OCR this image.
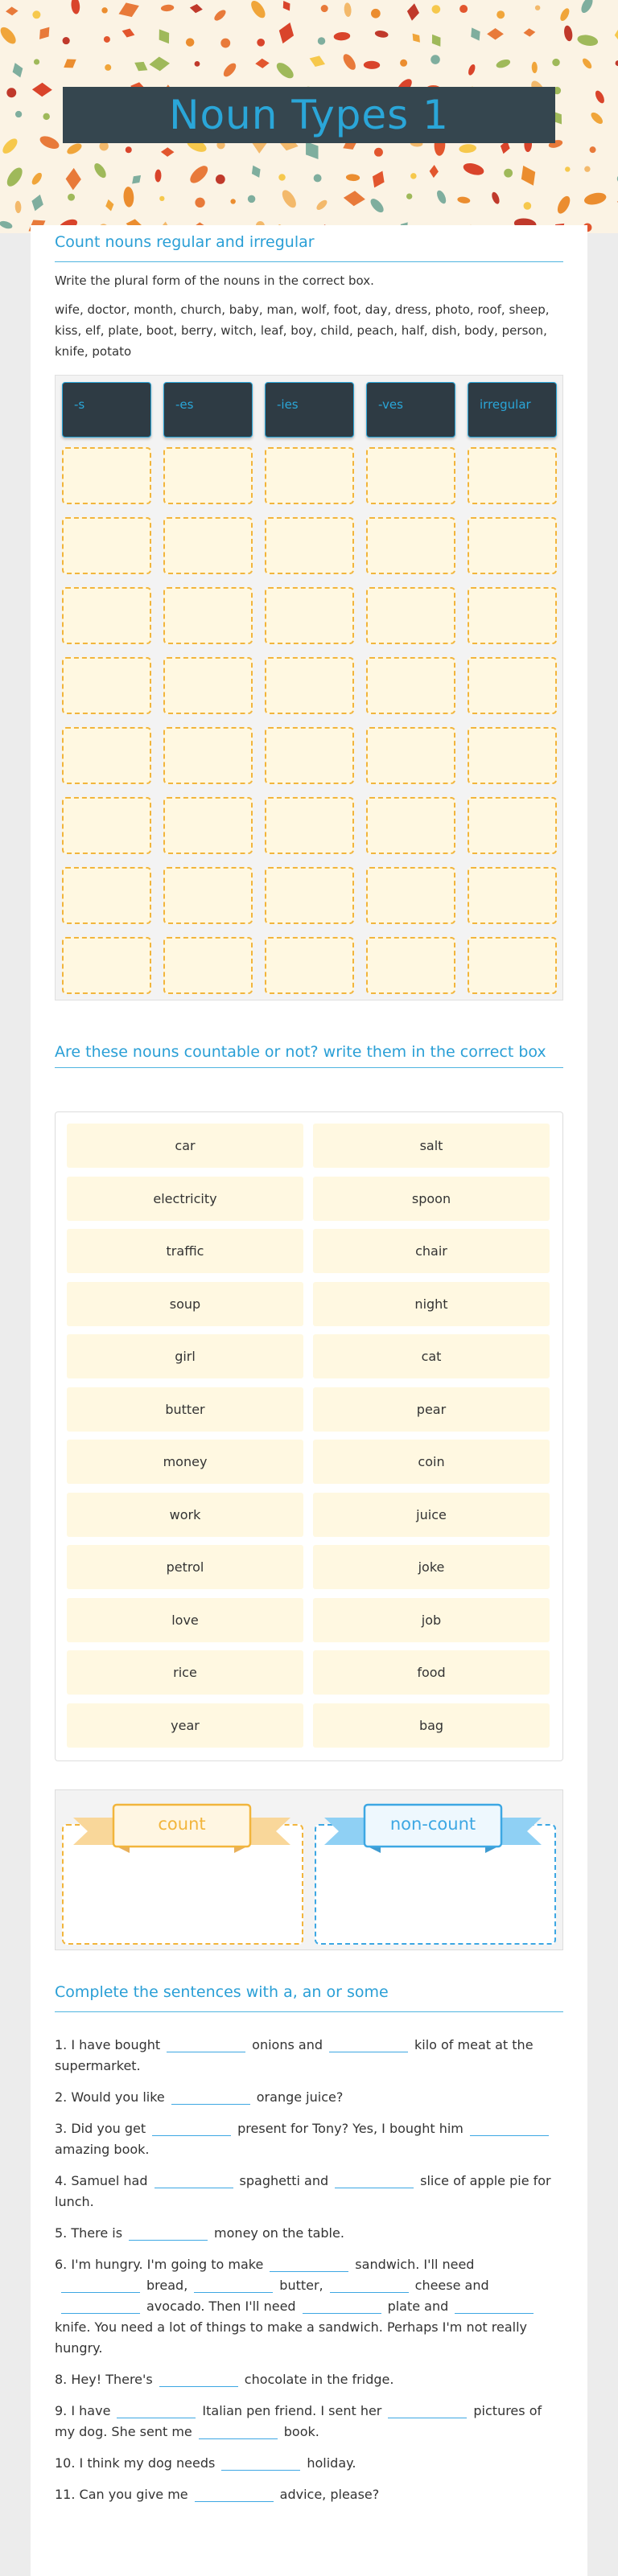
Noun Types 1
Count nouns regular and irregular
Write the plural form of the nouns in the correct box.
wife, doctor, month, church, baby, man, wolf, foot, day, dress, photo, roof, sheep, kiss, elf, plate, boot, berry, witch, leaf, boy, child, peach, half, dish, body, person, knife, potato
-s	-es	-ies	-ves	irregular
Are these nouns countable or not? write them in the correct box
car	salt
electricity	spoon
traffic	chair
soup	night
girl	cat
butter	pear
money	coin
work	juice
petrol	joke
love	job
rice	food
year	bag
count	non-count
Complete the sentences with a, an or some

1. I have bought	onions and	kilo of meat at the supermarket.

2. Would you like	orange juice?

3. Did you get	present for Tony? Yes, I bought himamazing book.

4. Samuel had	spaghetti and	slice of apple pie for lunch.

5. There is	money on the table.

6. I'm hungry. I'm going to make	sandwich. I'll needbread,	butter,	cheese andavocado. Then I'll need	plate andknife. You need a lot of things to make a sandwich. Perhaps I'm not really hungry.

8. Hey! There's	chocolate in the fridge.

9. I have	Italian pen friend. I sent her	pictures of my dog. She sent me	book.

10. I think my dog needs	holiday.

11. Can you give me	advice, please?
